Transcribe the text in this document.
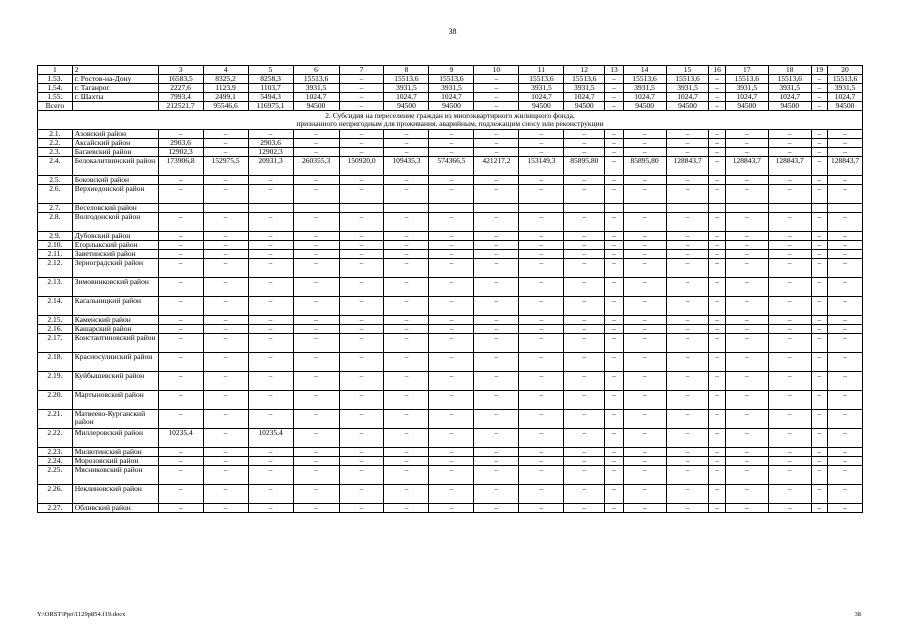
38
1	2	3	4	5	6	7	8	9	10	11	12	13	14	15	16	17	18	19	20
1.53.	г. Ростов-на-Дону	16583,5	8325,2	8258,3	15513,6	–	15513,6	15513,6	–	15513,6	15513,6	–	15513,6	15513,6	–	15513,6	15513,6	–	15513,6
1.54.	г. Таганрог	2227,6	1123,9	1103,7	3931,5	–	3931,5	3931,5	–	3931,5	3931,5	–	3931,5	3931,5	–	3931,5	3931,5	–	3931,5
1.55.	г. Шахты	7993,4	2499,1	5494,3	1024,7	–	1024,7	1024,7	–	1024,7	1024,7	–	1024,7	1024,7	–	1024,7	1024,7	–	1024,7
Всего		212521,7	95546,6	116975,1	94500	–	94500	94500	–	94500	94500	–	94500	94500	–	94500	94500	–	94500

2. Субсидия на переселение граждан из многоквартирного жилищного фонда,
признанного непригодным для проживания, аварийным, подлежащим сносу или реконструкции																			

2.1.	Азовский район	–	–	–	–	–	–	–	–	–	–	–	–	–	–	–	–	–	–
2.2.	Аксайский район	2903,6	–	2903,6	–	–	–	–	–	–	–	–	–	–	–	–	–	–	–
2.3.	Багаевский район	12902,3	–	12902,3	–	–	–	–	–	–	–	–	–	–	–	–	–	–	–
2.4.	Белокалитвинский район	173906,8	152975,5	20931,3	260355,3	150920,0	109435,3	574366,5	421217,2	153149,3	85895,80	–	85895,80	128843,7	–	128843,7	128843,7	–	128843,7
2.5.	Боковский район	–	–	–	–	–	–	–	–	–	–	–	–	–	–	–	–	–	–
2.6.	Верхнедонской район	–	–	–	–	–	–	–	–	–	–	–	–	–	–	–	–	–	–
2.7.	Веселовский район																		
2.8.	Волгодонской район	–	–	–	–	–	–	–	–	–	–	–	–	–	–	–	–	–	–
2.9.	Дубовский район	–	–	–	–	–	–	–	–	–	–	–	–	–	–	–	–	–	–
2.10.	Егорлыкский район	–	–	–	–	–	–	–	–	–	–	–	–	–	–	–	–	–	–
2.11.	Заветинский район	–	–	–	–	–	–	–	–	–	–	–	–	–	–	–	–	–	–
2.12.	Зерноградский район	–	–	–	–	–	–	–	–	–	–	–	–	–	–	–	–	–	–
2.13.	Зимовниковский район	–	–	–	–	–	–	–	–	–	–	–	–	–	–	–	–	–	–
2.14.	Кагальницкий район	–	–	–	–	–	–	–	–	–	–	–	–	–	–	–	–	–	–
2.15.	Каменский район	–	–	–	–	–	–	–	–	–	–	–	–	–	–	–	–	–	–
2.16.	Кашарский район	–	–	–	–	–	–	–	–	–	–	–	–	–	–	–	–	–	–
2.17.	Константиновский район	–	–	–	–	–	–	–	–	–	–	–	–	–	–	–	–	–	–
2.18.	Красносулинский район	–	–	–	–	–	–	–	–	–	–	–	–	–	–	–	–	–	–
2.19.	Куйбышевский район	–	–	–	–	–	–	–	–	–	–	–	–	–	–	–	–	–	–
2.20.	Мартыновский район	–	–	–	–	–	–	–	–	–	–	–	–	–	–	–	–	–	–
2.21.	Матвеево-Курганский район	–	–	–	–	–	–	–	–	–	–	–	–	–	–	–	–	–	–
2.22.	Миллеровский район	10235,4	–	10235,4	–	–	–	–	–	–	–	–	–	–	–	–	–	–	–
2.23.	Милютинский район	–	–	–	–	–	–	–	–	–	–	–	–	–	–	–	–	–	–
2.24.	Морозовский район	–	–	–	–	–	–	–	–	–	–	–	–	–	–	–	–	–	–
2.25.	Мясниковский район	–	–	–	–	–	–	–	–	–	–	–	–	–	–	–	–	–	–
2.26.	Неклиновский район	–	–	–	–	–	–	–	–	–	–	–	–	–	–	–	–	–	–
2.27.	Обливский район	–	–	–	–	–	–	–	–	–	–	–	–	–	–	–	–	–	–
Y:\ORST\Ppo\1129p854.f19.docx	38
